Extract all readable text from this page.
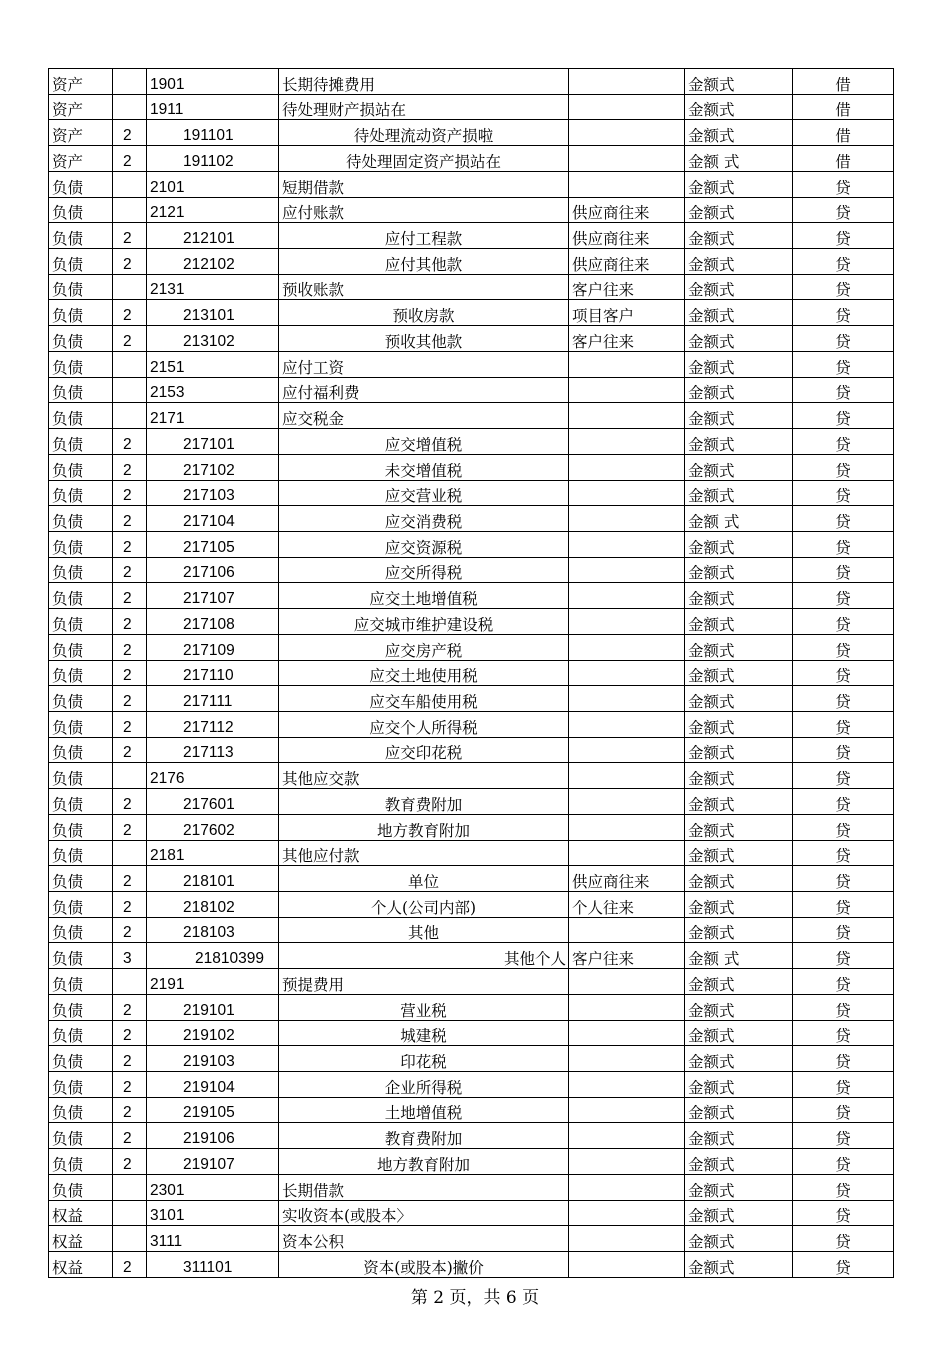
资产		1901	长期待摊费用		金额式	借
资产		1911	待处理财产损站在		金额式	借
资产	2	191101	待处理流动资产损啦		金额式	借
资产	2	191102	待处理固定资产损站在		金额 式	借
负债		2101	短期借款		金额式	贷
负债		2121	应付账款	供应商往来	金额式	贷
负债	2	212101	应付工程款	供应商往来	金额式	贷
负债	2	212102	应付其他款	供应商往来	金额式	贷
负债		2131	预收账款	客户往来	金额式	贷
负债	2	213101	预收房款	项目客户	金额式	贷
负债	2	213102	预收其他款	客户往来	金额式	贷
负债		2151	应付工资		金额式	贷
负债		2153	应付福利费		金额式	贷
负债		2171	应交税金		金额式	贷
负债	2	217101	应交增值税		金额式	贷
负债	2	217102	未交增值税		金额式	贷
负债	2	217103	应交营业税		金额式	贷
负债	2	217104	应交消费税		金额 式	贷
负债	2	217105	应交资源税		金额式	贷
负债	2	217106	应交所得税		金额式	贷
负债	2	217107	应交土地增值税		金额式	贷
负债	2	217108	应交城市维护建设税		金额式	贷
负债	2	217109	应交房产税		金额式	贷
负债	2	217110	应交土地使用税		金额式	贷
负债	2	217111	应交车船使用税		金额式	贷
负债	2	217112	应交个人所得税		金额式	贷
负债	2	217113	应交印花税		金额式	贷
负债		2176	其他应交款		金额式	贷
负债	2	217601	教育费附加		金额式	贷
负债	2	217602	地方教育附加		金额式	贷
负债		2181	其他应付款		金额式	贷
负债	2	218101	单位	供应商往来	金额式	贷
负债	2	218102	个人(公司内部)	个人往来	金额式	贷
负债	2	218103	其他		金额式	贷
负债	3	21810399	其他个人	客户往来	金额 式	贷
负债		2191	预提费用		金额式	贷
负债	2	219101	营业税		金额式	贷
负债	2	219102	城建税		金额式	贷
负债	2	219103	印花税		金额式	贷
负债	2	219104	企业所得税		金额式	贷
负债	2	219105	土地增值税		金额式	贷
负债	2	219106	教育费附加		金额式	贷
负债	2	219107	地方教育附加		金额式	贷
负债		2301	长期借款		金额式	贷
权益		3101	实收资本(或股本〉		金额式	贷
权益		3111	资本公积		金额式	贷
权益	2	311101	资本(或股本)撇价		金额式	贷
第 2 页，共 6 页
